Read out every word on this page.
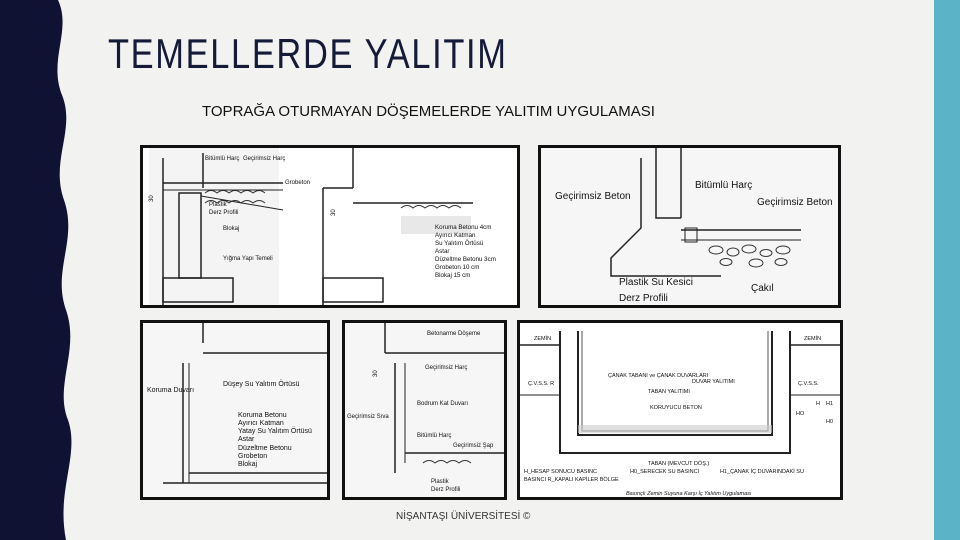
TEMELLERDE YALITIM
TOPRAĞA OTURMAYAN DÖŞEMELERDE YALITIM UYGULAMASI
Bitümlü Harç Geçirimsiz Harç
Grobeton
Plastik
Derz Profili
Blokaj
Yığma Yapı Temeli
30
30
Koruma Betonu 4cm
Ayırıcı Katman
Su Yalıtım Örtüsü
Astar
Düzeltme Betonu 3cm
Grobeton 10 cm
Blokaj 15 cm
Geçirimsiz Beton
Bitümlü Harç
Geçirimsiz Beton
Plastik Su Kesici
Derz Profili
Çakıl
Düşey Su Yalıtım Örtüsü
Koruma Duvarı
Koruma Betonu
Ayırıcı Katman
Yatay Su Yalıtım Örtüsü
Astar
Düzeltme Betonu
Grobeton
Blokaj
Betonarme Döşeme
Geçirimsiz Harç
Bodrum Kat Duvarı
Geçirimsiz Sıva
Bitümlü Harç
Geçirimsiz Şap
Plastik
Derz Profili
30
ZEMİN	ZEMİN
Ç.V.S.S. R	Ç.V.S.S.
ÇANAK TABANI ve ÇANAK DUVARLARI
DUVAR YALITIMI
TABAN YALITIMI
KORUYUCU BETON
TABAN (MEVCUT DÖŞ.)
H
HO
H1
H0
H_HESAP SONUCU BASINC	H0_SERECEK SU BASINCI	H1_ÇANAK İÇ DUVARINDAKİ SU
BASINCI R_KAPALI KAPİLER BÖLGE
Basınçlı Zemin Suyuna Karşı İç Yalıtım Uygulaması
NİŞANTAŞI ÜNİVERSİTESİ ©
